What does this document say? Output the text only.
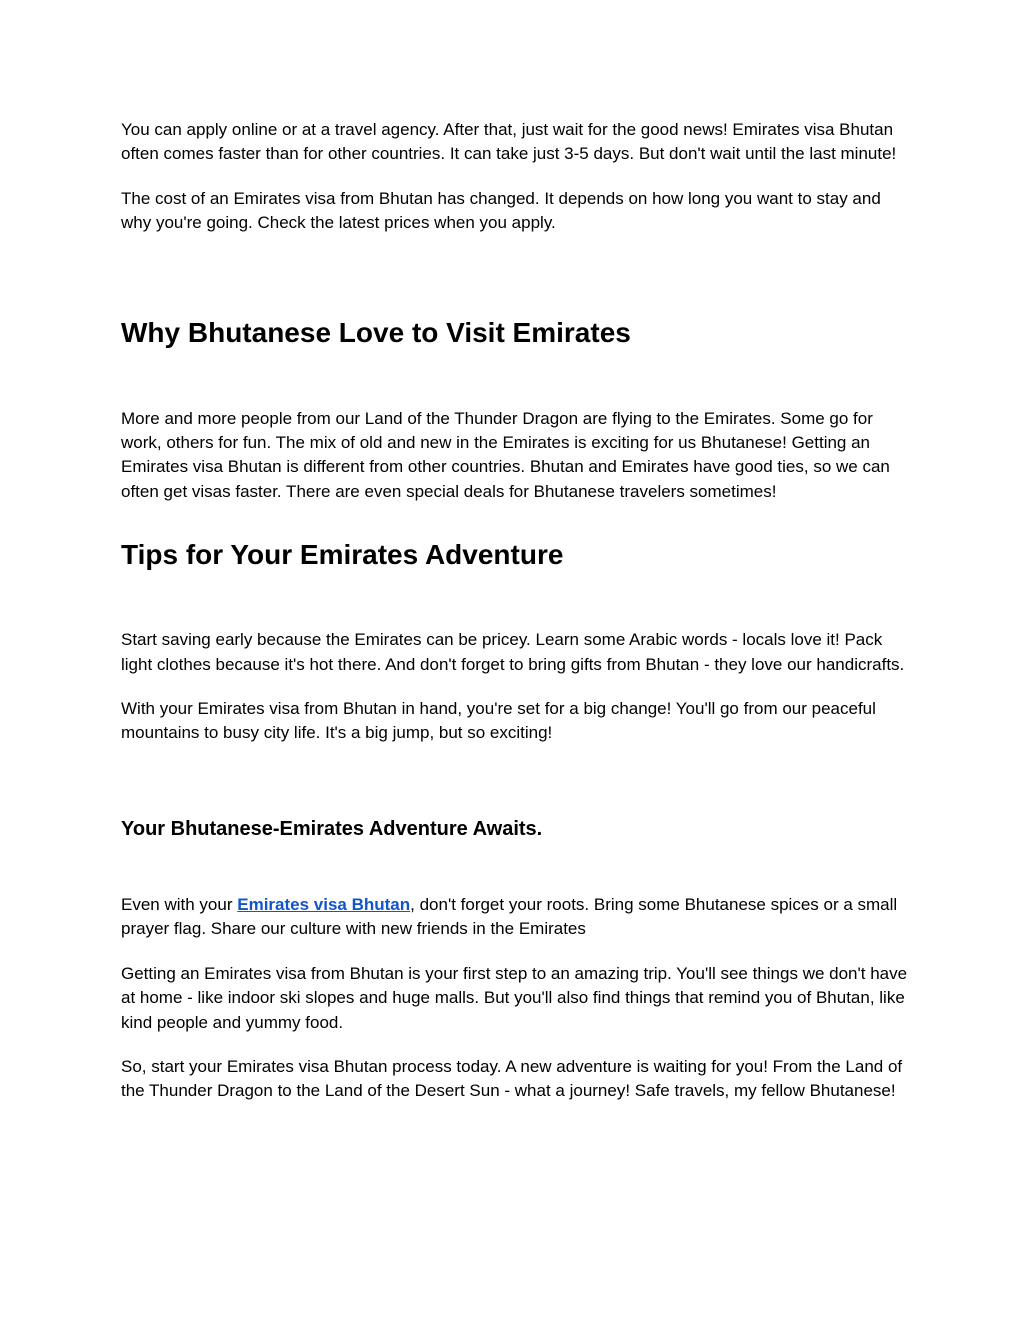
You can apply online or at a travel agency. After that, just wait for the good news! Emirates visa Bhutan often comes faster than for other countries. It can take just 3-5 days. But don't wait until the last minute!

The cost of an Emirates visa from Bhutan has changed. It depends on how long you want to stay and why you're going. Check the latest prices when you apply.

Why Bhutanese Love to Visit Emirates

More and more people from our Land of the Thunder Dragon are flying to the Emirates. Some go for work, others for fun. The mix of old and new in the Emirates is exciting for us Bhutanese! Getting an Emirates visa Bhutan is different from other countries. Bhutan and Emirates have good ties, so we can often get visas faster. There are even special deals for Bhutanese travelers sometimes!

Tips for Your Emirates Adventure

Start saving early because the Emirates can be pricey. Learn some Arabic words - locals love it! Pack light clothes because it's hot there. And don't forget to bring gifts from Bhutan - they love our handicrafts.

With your Emirates visa from Bhutan in hand, you're set for a big change! You'll go from our peaceful mountains to busy city life. It's a big jump, but so exciting!

Your Bhutanese-Emirates Adventure Awaits.

Even with your Emirates visa Bhutan, don't forget your roots. Bring some Bhutanese spices or a small prayer flag. Share our culture with new friends in the Emirates

Getting an Emirates visa from Bhutan is your first step to an amazing trip. You'll see things we don't have at home - like indoor ski slopes and huge malls. But you'll also find things that remind you of Bhutan, like kind people and yummy food.

So, start your Emirates visa Bhutan process today. A new adventure is waiting for you! From the Land of the Thunder Dragon to the Land of the Desert Sun - what a journey! Safe travels, my fellow Bhutanese!
